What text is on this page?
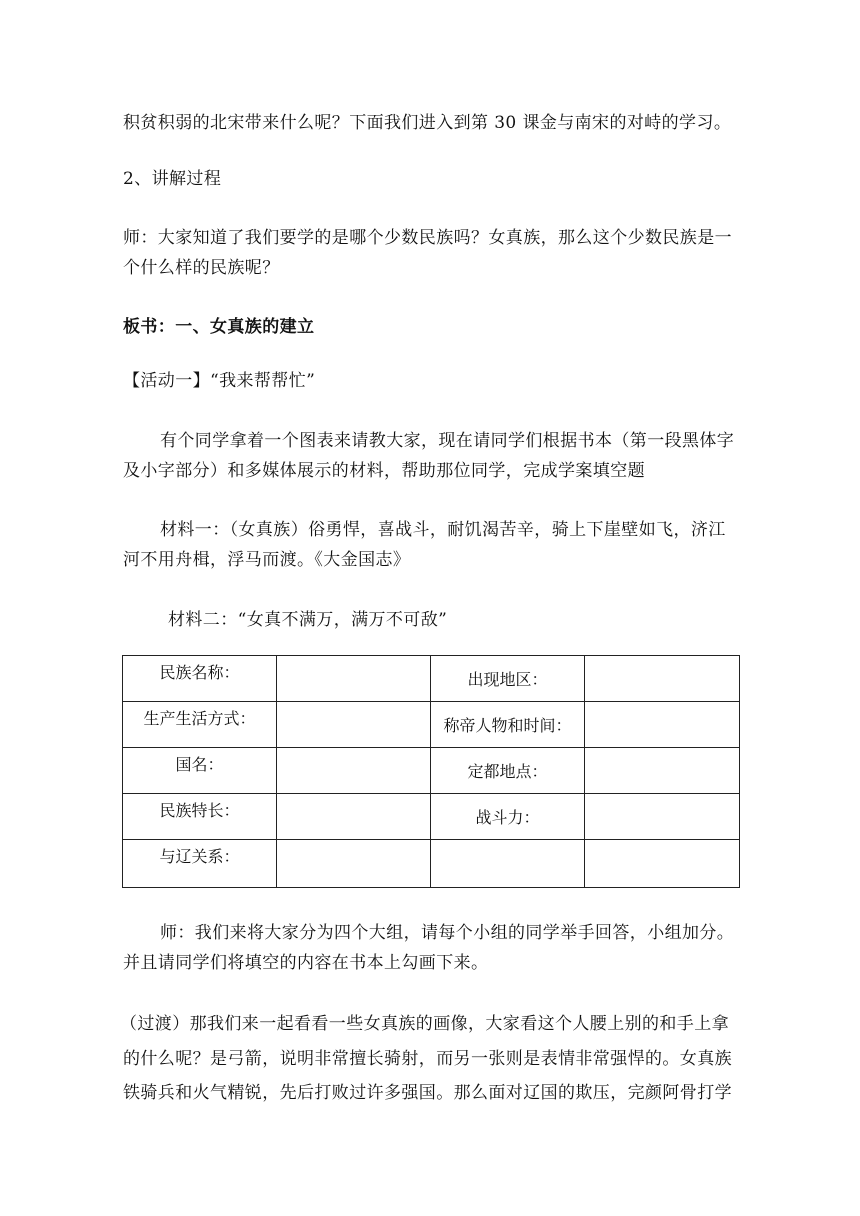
积贫积弱的北宋带来什么呢？下面我们进入到第 30 课金与南宋的对峙的学习。
2、讲解过程
师：大家知道了我们要学的是哪个少数民族吗？女真族，那么这个少数民族是一
个什么样的民族呢？
板书：一、女真族的建立
【活动一】“我来帮帮忙”
有个同学拿着一个图表来请教大家，现在请同学们根据书本（第一段黑体字
及小字部分）和多媒体展示的材料，帮助那位同学，完成学案填空题
材料一：（女真族）俗勇悍，喜战斗，耐饥渴苦辛，骑上下崖壁如飞，济江
河不用舟楫，浮马而渡。《大金国志》
材料二：“女真不满万，满万不可敌”
民族名称：		出现地区：	
生产生活方式：		称帝人物和时间：	
国名：		定都地点：	
民族特长：		战斗力：	
与辽关系：			
师：我们来将大家分为四个大组，请每个小组的同学举手回答，小组加分。
并且请同学们将填空的内容在书本上勾画下来。
（过渡）那我们来一起看看一些女真族的画像，大家看这个人腰上别的和手上拿
的什么呢？是弓箭，说明非常擅长骑射，而另一张则是表情非常强悍的。女真族
铁骑兵和火气精锐，先后打败过许多强国。那么面对辽国的欺压，完颜阿骨打学
